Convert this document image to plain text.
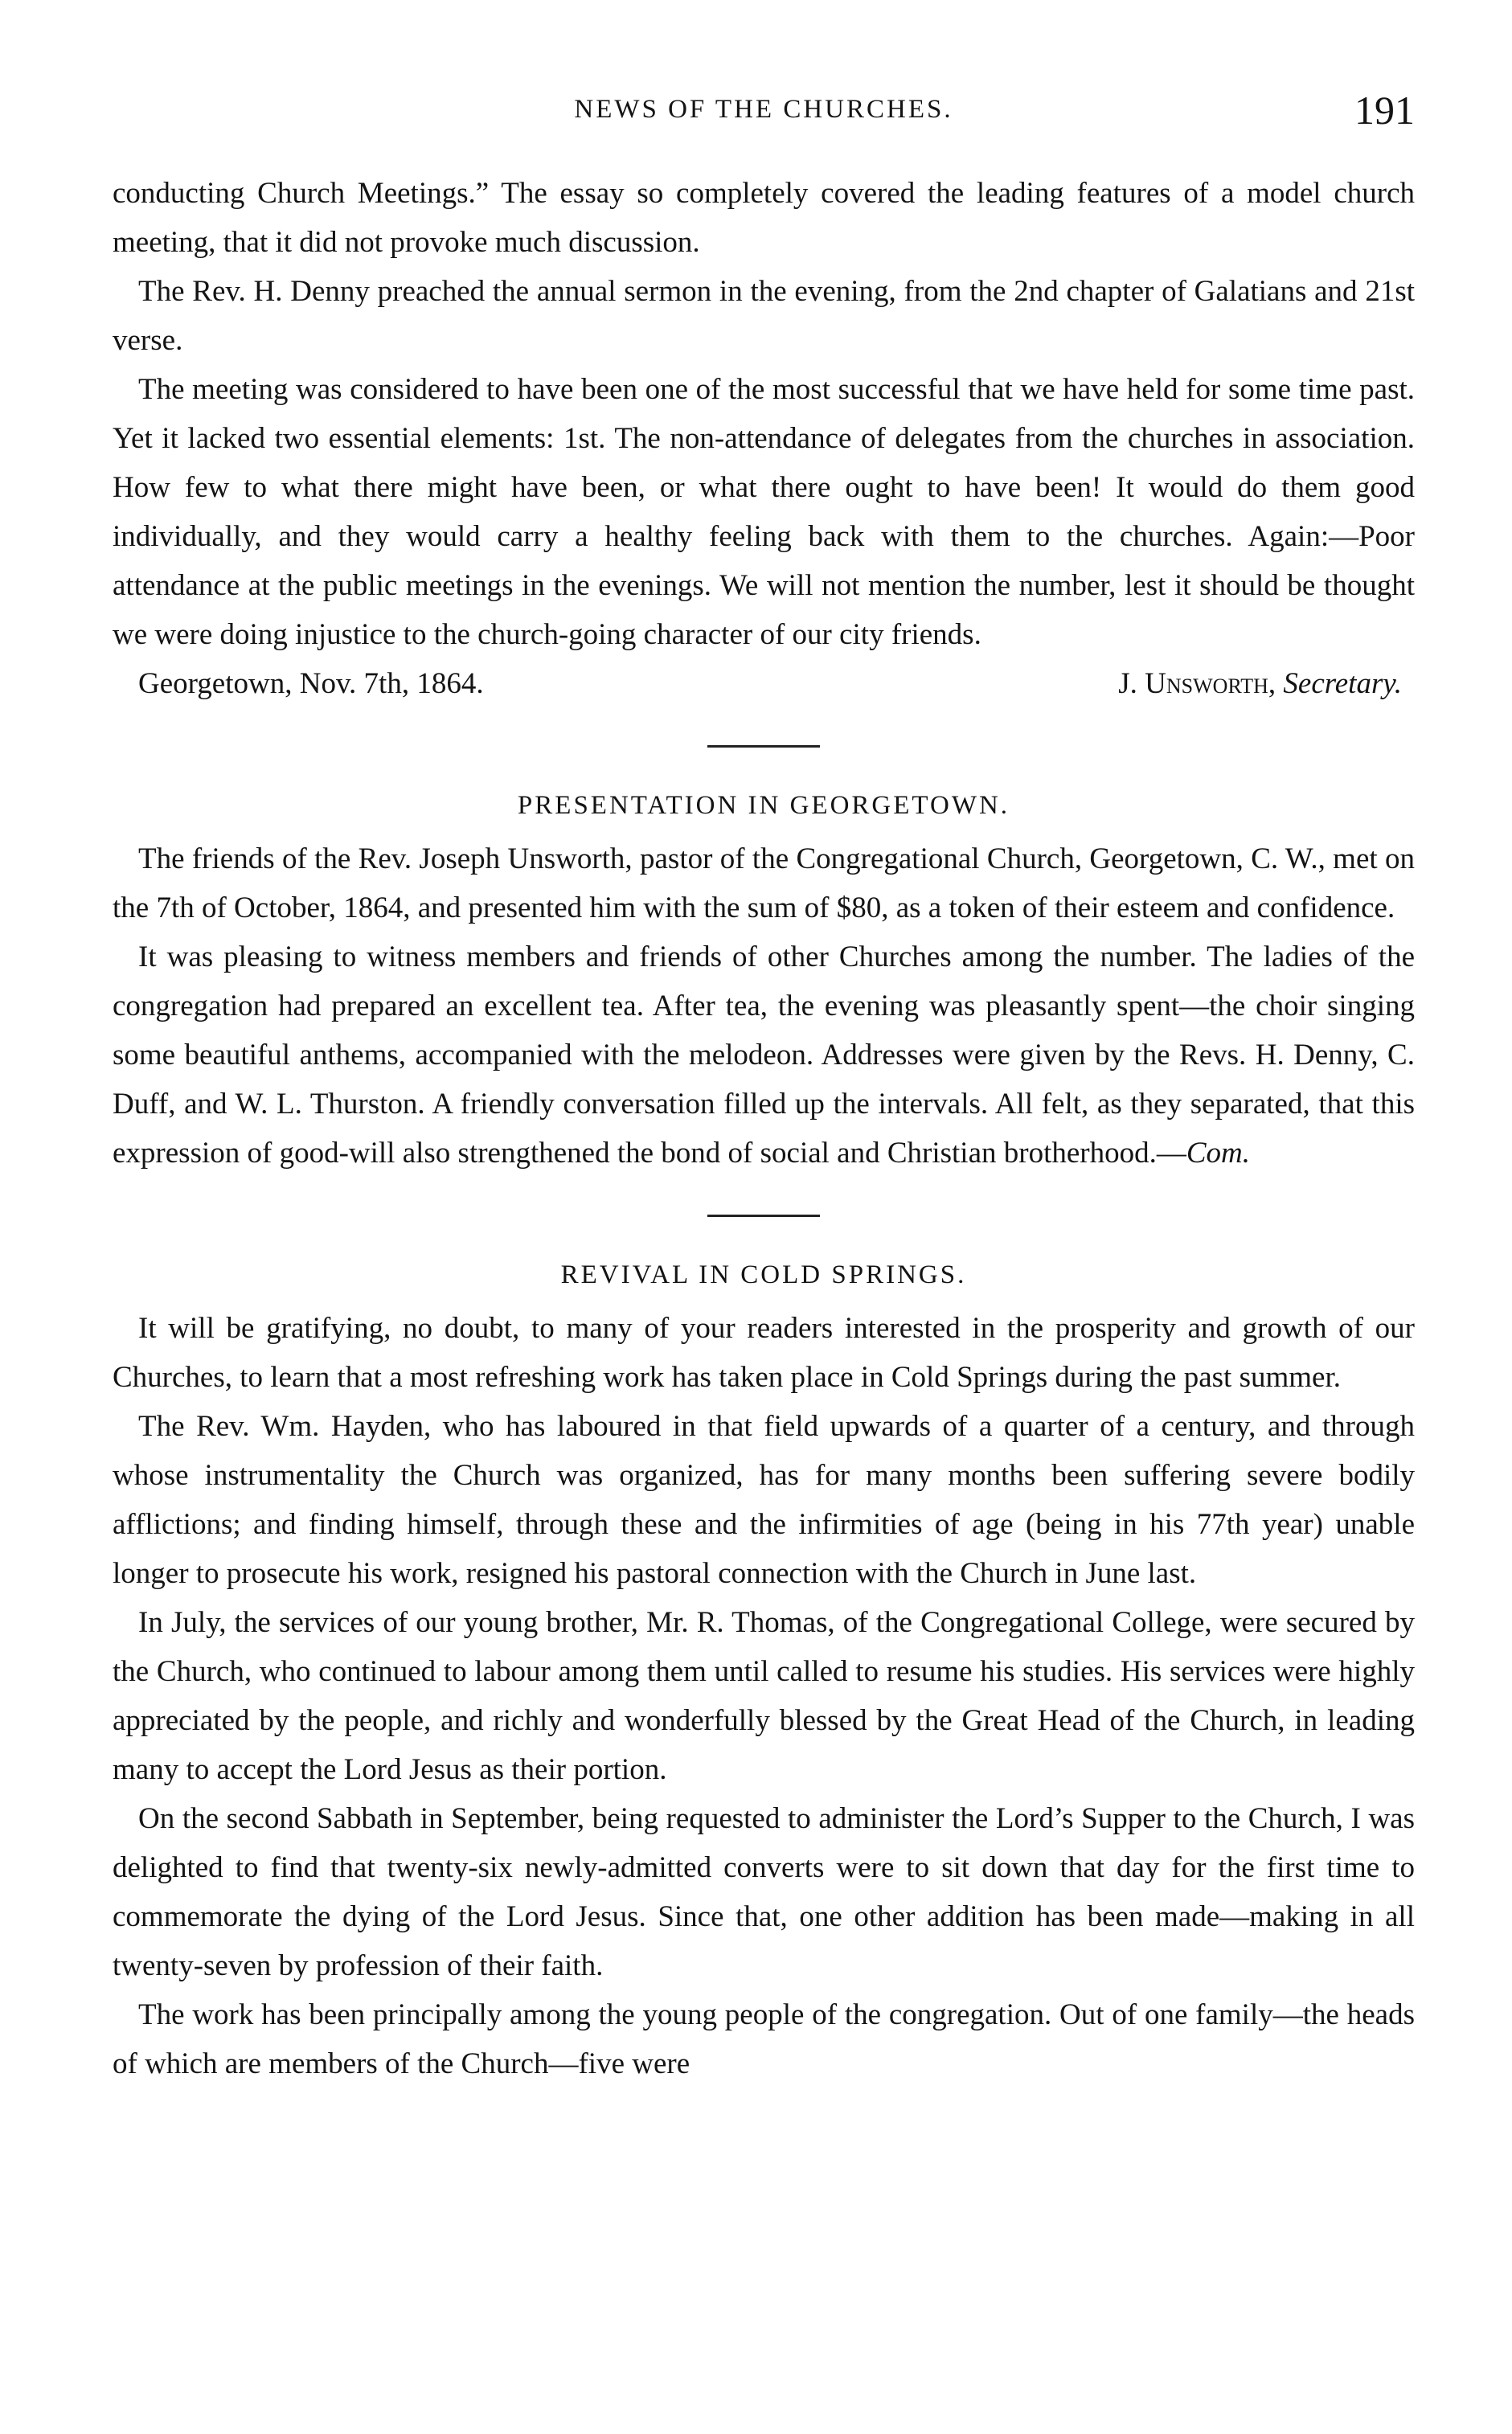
NEWS OF THE CHURCHES.	191

conducting Church Meetings.” The essay so completely covered the leading features of a model church meeting, that it did not provoke much discussion.

The Rev. H. Denny preached the annual sermon in the evening, from the 2nd chapter of Galatians and 21st verse.

The meeting was considered to have been one of the most successful that we have held for some time past. Yet it lacked two essential elements: 1st. The non-attendance of delegates from the churches in association. How few to what there might have been, or what there ought to have been! It would do them good individually, and they would carry a healthy feeling back with them to the churches. Again:—Poor attendance at the public meetings in the evenings. We will not mention the number, lest it should be thought we were doing injustice to the church-going character of our city friends.

Georgetown, Nov. 7th, 1864.	J. Unsworth, Secretary.
PRESENTATION IN GEORGETOWN.

The friends of the Rev. Joseph Unsworth, pastor of the Congregational Church, Georgetown, C. W., met on the 7th of October, 1864, and presented him with the sum of $80, as a token of their esteem and confidence.

It was pleasing to witness members and friends of other Churches among the number. The ladies of the congregation had prepared an excellent tea. After tea, the evening was pleasantly spent—the choir singing some beautiful anthems, accompanied with the melodeon. Addresses were given by the Revs. H. Denny, C. Duff, and W. L. Thurston. A friendly conversation filled up the intervals. All felt, as they separated, that this expression of good-will also strengthened the bond of social and Christian brotherhood.—Com.

REVIVAL IN COLD SPRINGS.

It will be gratifying, no doubt, to many of your readers interested in the prosperity and growth of our Churches, to learn that a most refreshing work has taken place in Cold Springs during the past summer.

The Rev. Wm. Hayden, who has laboured in that field upwards of a quarter of a century, and through whose instrumentality the Church was organized, has for many months been suffering severe bodily afflictions; and finding himself, through these and the infirmities of age (being in his 77th year) unable longer to prosecute his work, resigned his pastoral connection with the Church in June last.

In July, the services of our young brother, Mr. R. Thomas, of the Congregational College, were secured by the Church, who continued to labour among them until called to resume his studies. His services were highly appreciated by the people, and richly and wonderfully blessed by the Great Head of the Church, in leading many to accept the Lord Jesus as their portion.

On the second Sabbath in September, being requested to administer the Lord’s Supper to the Church, I was delighted to find that twenty-six newly-admitted converts were to sit down that day for the first time to commemorate the dying of the Lord Jesus. Since that, one other addition has been made—making in all twenty-seven by profession of their faith.

The work has been principally among the young people of the congregation. Out of one family—the heads of which are members of the Church—five were
